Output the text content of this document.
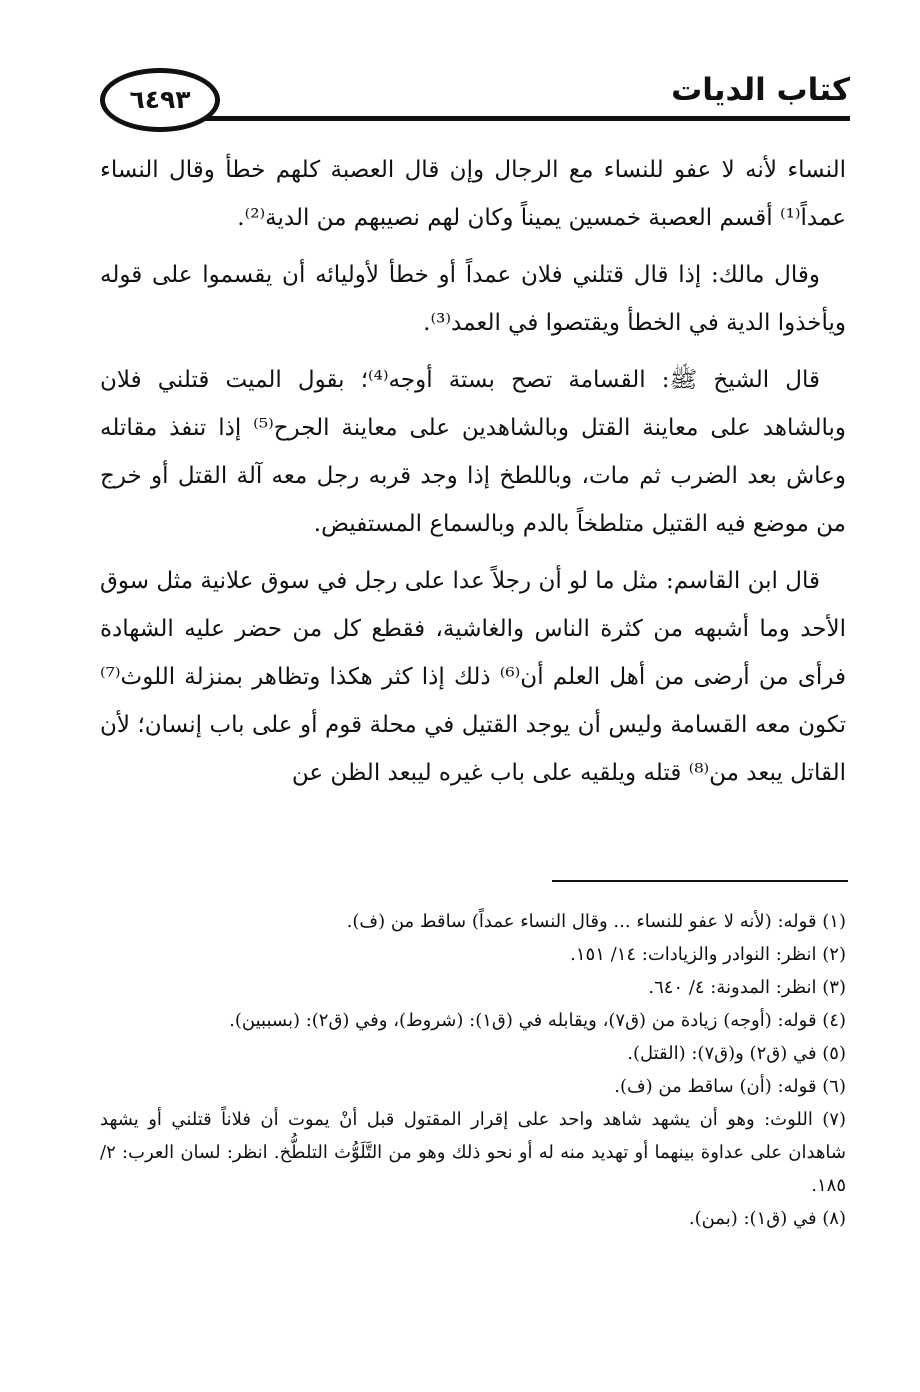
٦٤٩٣	كتاب الديات

النساء لأنه لا عفو للنساء مع الرجال وإن قال العصبة كلهم خطأ وقال النساء عمداً⁽¹⁾ أقسم العصبة خمسين يميناً وكان لهم نصيبهم من الدية⁽²⁾.

وقال مالك: إذا قال قتلني فلان عمداً أو خطأ لأوليائه أن يقسموا على قوله ويأخذوا الدية في الخطأ ويقتصوا في العمد⁽³⁾.

قال الشيخ ﷺ: القسامة تصح بستة أوجه⁽⁴⁾؛ بقول الميت قتلني فلان وبالشاهد على معاينة القتل وبالشاهدين على معاينة الجرح⁽⁵⁾ إذا تنفذ مقاتله وعاش بعد الضرب ثم مات، وباللطخ إذا وجد قربه رجل معه آلة القتل أو خرج من موضع فيه القتيل متلطخاً بالدم وبالسماع المستفيض.

قال ابن القاسم: مثل ما لو أن رجلاً عدا على رجل في سوق علانية مثل سوق الأحد وما أشبهه من كثرة الناس والغاشية، فقطع كل من حضر عليه الشهادة فرأى من أرضى من أهل العلم أن⁽⁶⁾ ذلك إذا كثر هكذا وتظاهر بمنزلة اللوث⁽⁷⁾ تكون معه القسامة وليس أن يوجد القتيل في محلة قوم أو على باب إنسان؛ لأن القاتل يبعد من⁽⁸⁾ قتله ويلقيه على باب غيره ليبعد الظن عن

(١) قوله: (لأنه لا عفو للنساء ... وقال النساء عمداً) ساقط من (ف).

(٢) انظر: النوادر والزيادات: ١٤/ ١٥١.

(٣) انظر: المدونة: ٤/ ٦٤٠.

(٤) قوله: (أوجه) زيادة من (ق٧)، ويقابله في (ق١): (شروط)، وفي (ق٢): (بسببين).

(٥) في (ق٢) و(ق٧): (القتل).

(٦) قوله: (أن) ساقط من (ف).

(٧) اللوث: وهو أن يشهد شاهد واحد على إقرار المقتول قبل أنْ يموت أن فلاناً قتلني أو يشهد شاهدان على عداوة بينهما أو تهديد منه له أو نحو ذلك وهو من التَّلَوُّث التلطُّخ. انظر: لسان العرب: ٢/ ١٨٥.

(٨) في (ق١): (بمن).
